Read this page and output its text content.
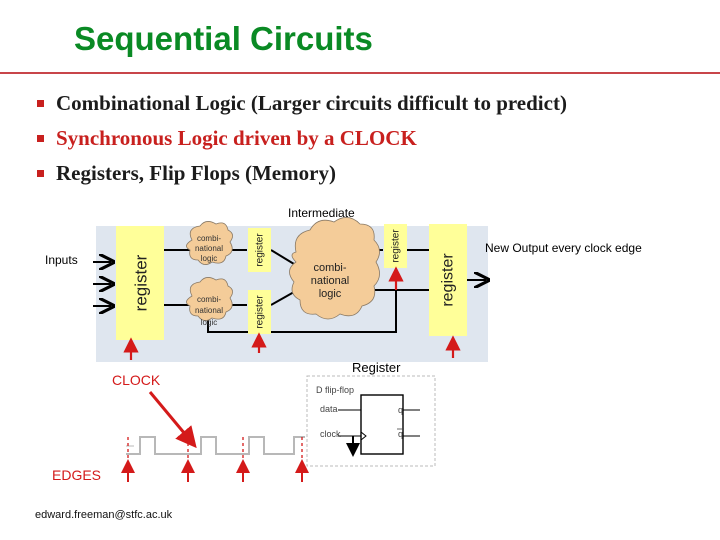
Sequential Circuits
Combinational Logic (Larger circuits difficult to predict)
Synchronous Logic driven by a CLOCK
Registers, Flip Flops (Memory)
register
register
register
register
register
combi-
national
logic
combi-
national
logic
combi-
national
logic
D flip-flop
data
clock
q
q
Intermediate
Inputs
New Output every clock edge
CLOCK
Register
EDGES
edward.freeman@stfc.ac.uk
